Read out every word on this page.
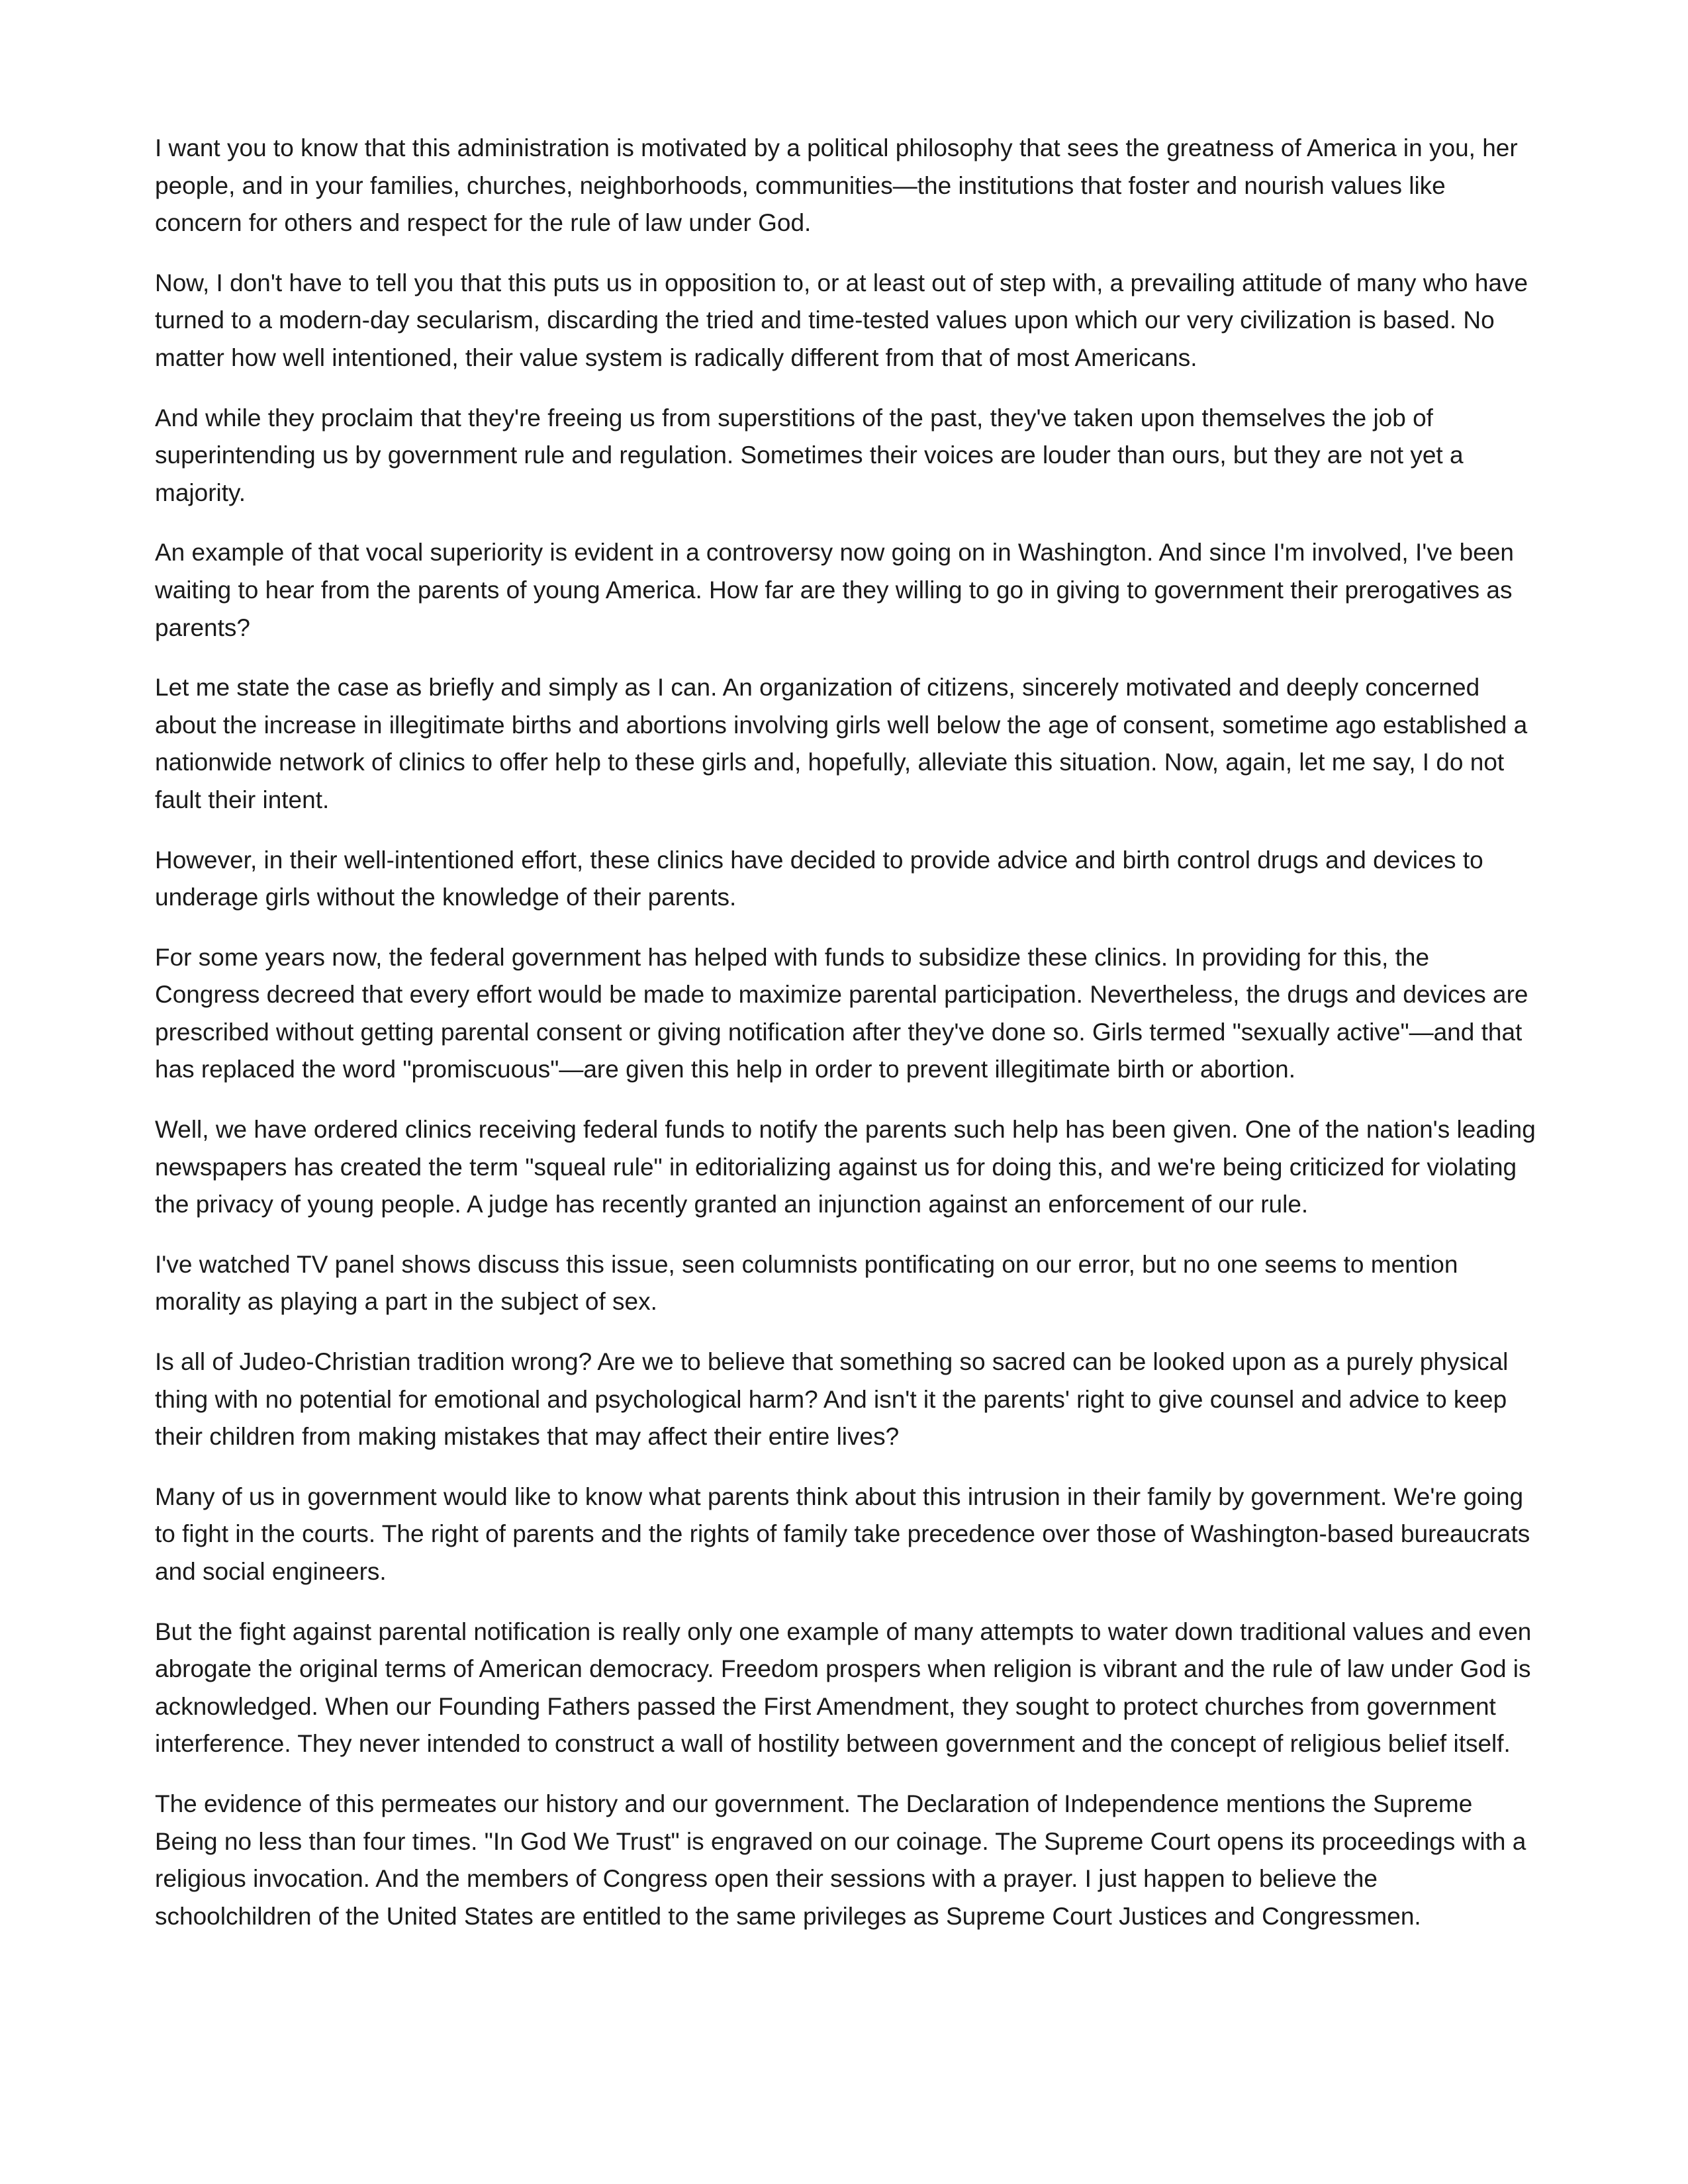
I want you to know that this administration is motivated by a political philosophy that sees the greatness of America in you, her people, and in your families, churches, neighborhoods, communities—the institutions that foster and nourish values like concern for others and respect for the rule of law under God.

Now, I don't have to tell you that this puts us in opposition to, or at least out of step with, a prevailing attitude of many who have turned to a modern-day secularism, discarding the tried and time-tested values upon which our very civilization is based. No matter how well intentioned, their value system is radically different from that of most Americans.

And while they proclaim that they're freeing us from superstitions of the past, they've taken upon themselves the job of superintending us by government rule and regulation. Sometimes their voices are louder than ours, but they are not yet a majority.

An example of that vocal superiority is evident in a controversy now going on in Washington. And since I'm involved, I've been waiting to hear from the parents of young America. How far are they willing to go in giving to government their prerogatives as parents?

Let me state the case as briefly and simply as I can. An organization of citizens, sincerely motivated and deeply concerned about the increase in illegitimate births and abortions involving girls well below the age of consent, sometime ago established a nationwide network of clinics to offer help to these girls and, hopefully, alleviate this situation. Now, again, let me say, I do not fault their intent.

However, in their well-intentioned effort, these clinics have decided to provide advice and birth control drugs and devices to underage girls without the knowledge of their parents.

For some years now, the federal government has helped with funds to subsidize these clinics. In providing for this, the Congress decreed that every effort would be made to maximize parental participation. Nevertheless, the drugs and devices are prescribed without getting parental consent or giving notification after they've done so. Girls termed "sexually active"—and that has replaced the word "promiscuous"—are given this help in order to prevent illegitimate birth or abortion.

Well, we have ordered clinics receiving federal funds to notify the parents such help has been given. One of the nation's leading newspapers has created the term "squeal rule" in editorializing against us for doing this, and we're being criticized for violating the privacy of young people. A judge has recently granted an injunction against an enforcement of our rule.

I've watched TV panel shows discuss this issue, seen columnists pontificating on our error, but no one seems to mention morality as playing a part in the subject of sex.

Is all of Judeo-Christian tradition wrong? Are we to believe that something so sacred can be looked upon as a purely physical thing with no potential for emotional and psychological harm? And isn't it the parents' right to give counsel and advice to keep their children from making mistakes that may affect their entire lives?

Many of us in government would like to know what parents think about this intrusion in their family by government. We're going to fight in the courts. The right of parents and the rights of family take precedence over those of Washington-based bureaucrats and social engineers.

But the fight against parental notification is really only one example of many attempts to water down traditional values and even abrogate the original terms of American democracy. Freedom prospers when religion is vibrant and the rule of law under God is acknowledged. When our Founding Fathers passed the First Amendment, they sought to protect churches from government interference. They never intended to construct a wall of hostility between government and the concept of religious belief itself.

The evidence of this permeates our history and our government. The Declaration of Independence mentions the Supreme Being no less than four times. "In God We Trust" is engraved on our coinage. The Supreme Court opens its proceedings with a religious invocation. And the members of Congress open their sessions with a prayer. I just happen to believe the schoolchildren of the United States are entitled to the same privileges as Supreme Court Justices and Congressmen.
